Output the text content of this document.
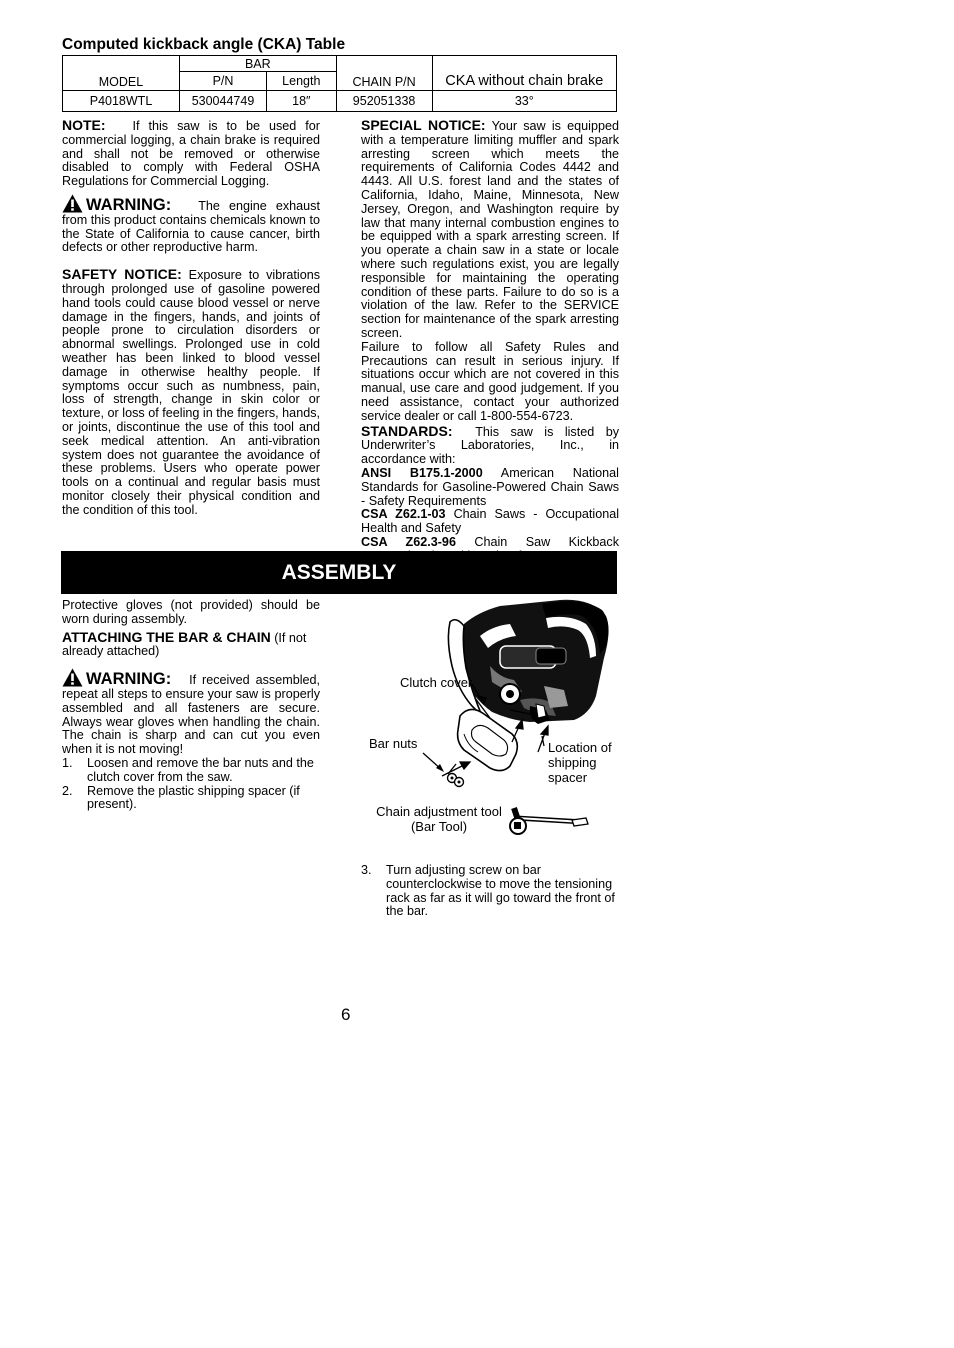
Computed kickback angle (CKA) Table
MODEL	BAR		CHAIN P/N	CKA without chain brake
	P/N	Length		
P4018WTL	530044749	18″	952051338	33°

NOTE: If this saw is to be used for commercial logging, a chain brake is required and shall not be removed or otherwise disabled to comply with Federal OSHA Regulations for Commercial Logging.

WARNING: The engine exhaust from this product contains chemicals known to the State of California to cause cancer, birth defects or other reproductive harm.

SAFETY NOTICE: Exposure to vibrations through prolonged use of gasoline powered hand tools could cause blood vessel or nerve damage in the fingers, hands, and joints of people prone to circulation disorders or abnormal swellings. Prolonged use in cold weather has been linked to blood vessel damage in otherwise healthy people. If symptoms occur such as numbness, pain, loss of strength, change in skin color or texture, or loss of feeling in the fingers, hands, or joints, discontinue the use of this tool and seek medical attention. An anti-vibration system does not guarantee the avoidance of these problems. Users who operate power tools on a continual and regular basis must monitor closely their physical condition and the condition of this tool.

SPECIAL NOTICE: Your saw is equipped with a temperature limiting muffler and spark arresting screen which meets the requirements of California Codes 4442 and 4443. All U.S. forest land and the states of California, Idaho, Maine, Minnesota, New Jersey, Oregon, and Washington require by law that many internal combustion engines to be equipped with a spark arresting screen. If you operate a chain saw in a state or locale where such regulations exist, you are legally responsible for maintaining the operating condition of these parts. Failure to do so is a violation of the law. Refer to the SERVICE section for maintenance of the spark arresting screen.

Failure to follow all Safety Rules and Precautions can result in serious injury. If situations occur which are not covered in this manual, use care and good judgement. If you need assistance, contact your authorized service dealer or call 1-800-554-6723.

STANDARDS: This saw is listed by Underwriter’s Laboratories, Inc., in accordance with:

ANSI B175.1-2000 American National Standards for Gasoline-Powered Chain Saws - Safety Requirements

CSA Z62.1-03 Chain Saws - Occupational Health and Safety

CSA Z62.3-96 Chain Saw Kickback

ASSEMBLY

Protective gloves (not provided) should be worn during assembly.

ATTACHING THE BAR & CHAIN (If not already attached)

WARNING: If received assembled, repeat all steps to ensure your saw is properly assembled and all fasteners are secure. Always wear gloves when handling the chain. The chain is sharp and can cut you even when it is not moving!

1. Loosen and remove the bar nuts and the clutch cover from the saw.
2. Remove the plastic shipping spacer (if present).
Clutch cover
Bar nuts	Location of
shipping
spacer
Chain adjustment tool
(Bar Tool)
3. Turn adjusting screw on bar counterclockwise to move the tensioning rack as far as it will go toward the front of the bar.
6
